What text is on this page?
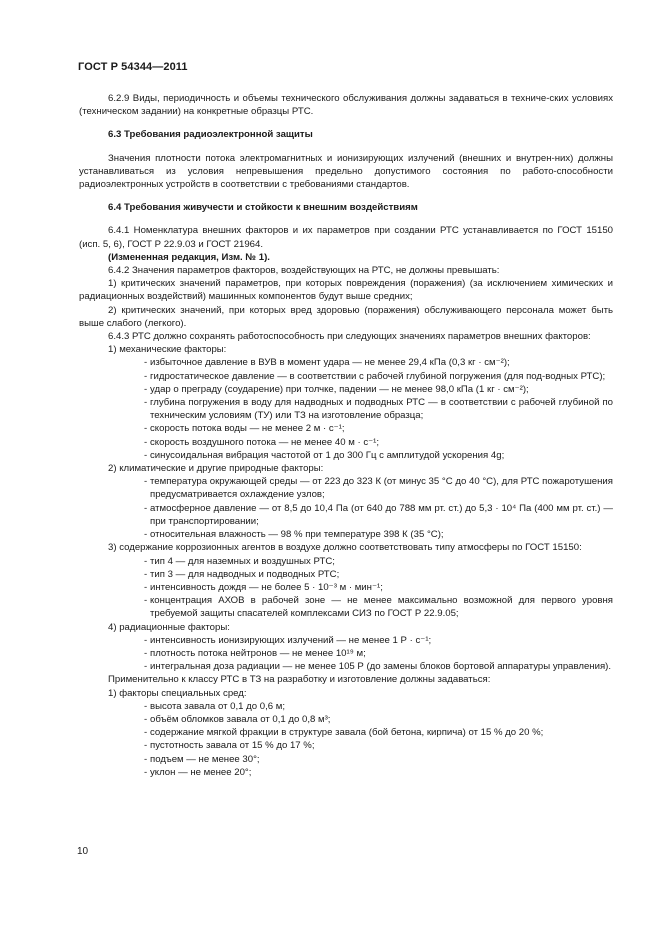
ГОСТ Р 54344—2011

6.2.9 Виды, периодичность и объемы технического обслуживания должны задаваться в техниче-ских условиях (техническом задании) на конкретные образцы РТС.

6.3 Требования радиоэлектронной защиты

Значения плотности потока электромагнитных и ионизирующих излучений (внешних и внутрен-них) должны устанавливаться из условия непревышения предельно допустимого состояния по работо-способности радиоэлектронных устройств в соответствии с требованиями стандартов.

6.4 Требования живучести и стойкости к внешним воздействиям

6.4.1 Номенклатура внешних факторов и их параметров при создании РТС устанавливается по ГОСТ 15150 (исп. 5, 6), ГОСТ Р 22.9.03 и ГОСТ 21964.

(Измененная редакция, Изм. № 1).

6.4.2 Значения параметров факторов, воздействующих на РТС, не должны превышать:

1) критических значений параметров, при которых повреждения (поражения) (за исключением химических и радиационных воздействий) машинных компонентов будут выше средних;

2) критических значений, при которых вред здоровью (поражения) обслуживающего персонала может быть выше слабого (легкого).

6.4.3 РТС должно сохранять работоспособность при следующих значениях параметров внешних факторов:

1) механические факторы:

- избыточное давление в ВУВ в момент удара — не менее 29,4 кПа (0,3 кг · см⁻²);
- гидростатическое давление — в соответствии с рабочей глубиной погружения (для под-водных РТС);
- удар о преграду (соударение) при толчке, падении — не менее 98,0 кПа (1 кг · см⁻²);
- глубина погружения в воду для надводных и подводных РТС — в соответствии с рабочей глубиной по техническим условиям (ТУ) или ТЗ на изготовление образца;
- скорость потока воды — не менее 2 м · с⁻¹;
- скорость воздушного потока — не менее 40 м · с⁻¹;
- синусоидальная вибрация частотой от 1 до 300 Гц с амплитудой ускорения 4g;

2) климатические и другие природные факторы:

- температура окружающей среды — от 223 до 323 К (от минус 35 °С до 40 °С), для РТС пожаротушения предусматривается охлаждение узлов;
- атмосферное давление — от 8,5 до 10,4 Па (от 640 до 788 мм рт. ст.) до 5,3 · 10⁴ Па (400 мм рт. ст.) — при транспортировании;
- относительная влажность — 98 % при температуре 398 К (35 °С);

3) содержание коррозионных агентов в воздухе должно соответствовать типу атмосферы по ГОСТ 15150:

- тип 4 — для наземных и воздушных РТС;
- тип 3 — для надводных и подводных РТС;
- интенсивность дождя — не более 5 · 10⁻³ м · мин⁻¹;
- концентрация АХОВ в рабочей зоне — не менее максимально возможной для первого уровня требуемой защиты спасателей комплексами СИЗ по ГОСТ Р 22.9.05;

4) радиационные факторы:

- интенсивность ионизирующих излучений — не менее 1 Р · с⁻¹;
- плотность потока нейтронов — не менее 10¹⁹ м;
- интегральная доза радиации — не менее 105 Р (до замены блоков бортовой аппаратуры управления).

Применительно к классу РТС в ТЗ на разработку и изготовление должны задаваться:

1) факторы специальных сред:

- высота завала от 0,1 до 0,6 м;
- объём обломков завала от 0,1 до 0,8 м³;
- содержание мягкой фракции в структуре завала (бой бетона, кирпича) от 15 % до 20 %;
- пустотность завала от 15 % до 17 %;
- подъем — не менее 30°;
- уклон — не менее 20°;
10
